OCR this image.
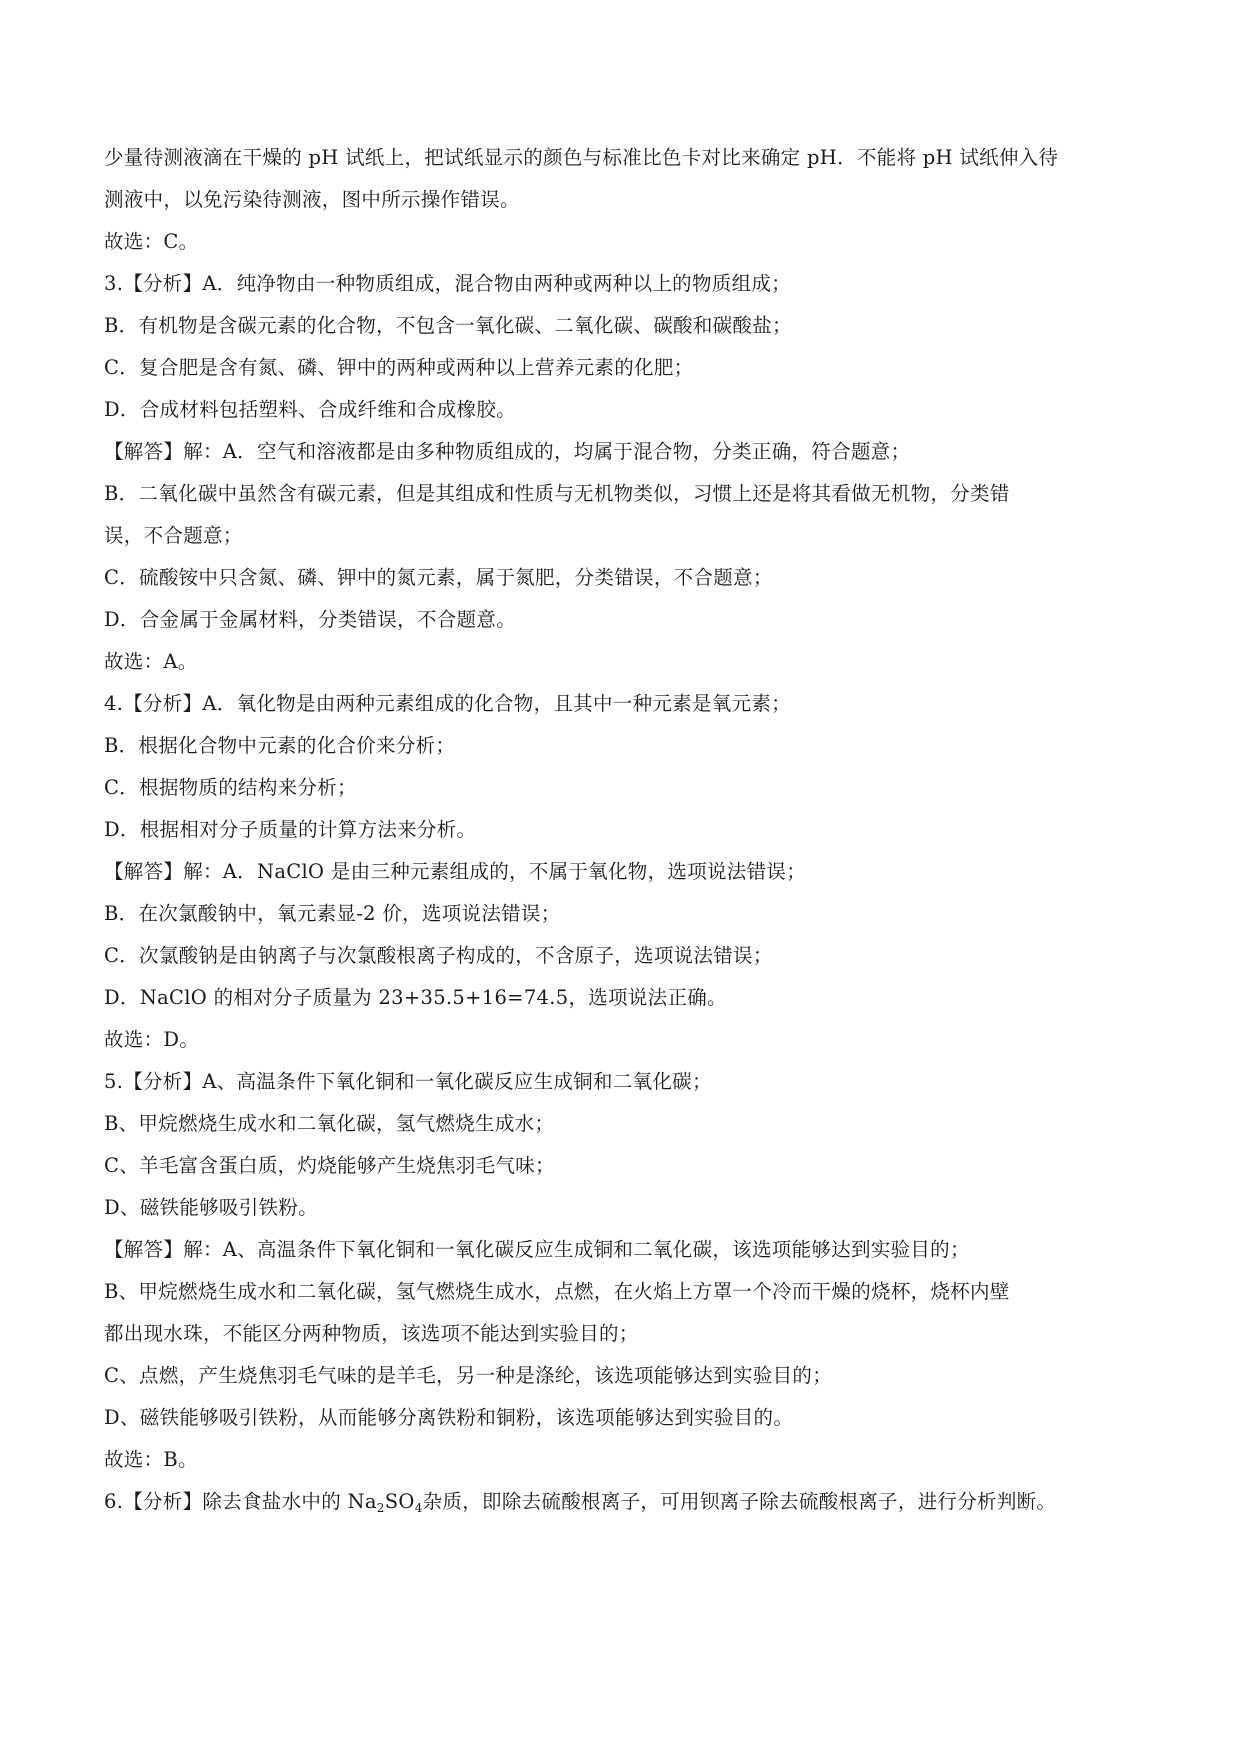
少量待测液滴在干燥的 pH 试纸上，把试纸显示的颜色与标准比色卡对比来确定 pH．不能将 pH 试纸伸入待
测液中，以免污染待测液，图中所示操作错误。
故选：C。
3.【分析】A．纯净物由一种物质组成，混合物由两种或两种以上的物质组成；
B．有机物是含碳元素的化合物，不包含一氧化碳、二氧化碳、碳酸和碳酸盐；
C．复合肥是含有氮、磷、钾中的两种或两种以上营养元素的化肥；
D．合成材料包括塑料、合成纤维和合成橡胶。
【解答】解：A．空气和溶液都是由多种物质组成的，均属于混合物，分类正确，符合题意；
B．二氧化碳中虽然含有碳元素，但是其组成和性质与无机物类似，习惯上还是将其看做无机物，分类错
误，不合题意；
C．硫酸铵中只含氮、磷、钾中的氮元素，属于氮肥，分类错误，不合题意；
D．合金属于金属材料，分类错误，不合题意。
故选：A。
4.【分析】A．氧化物是由两种元素组成的化合物，且其中一种元素是氧元素；
B．根据化合物中元素的化合价来分析；
C．根据物质的结构来分析；
D．根据相对分子质量的计算方法来分析。
【解答】解：A．NaClO 是由三种元素组成的，不属于氧化物，选项说法错误；
B．在次氯酸钠中，氧元素显-2 价，选项说法错误；
C．次氯酸钠是由钠离子与次氯酸根离子构成的，不含原子，选项说法错误；
D．NaClO 的相对分子质量为 23+35.5+16=74.5，选项说法正确。
故选：D。
5.【分析】A、高温条件下氧化铜和一氧化碳反应生成铜和二氧化碳；
B、甲烷燃烧生成水和二氧化碳，氢气燃烧生成水；
C、羊毛富含蛋白质，灼烧能够产生烧焦羽毛气味；
D、磁铁能够吸引铁粉。
【解答】解：A、高温条件下氧化铜和一氧化碳反应生成铜和二氧化碳，该选项能够达到实验目的；
B、甲烷燃烧生成水和二氧化碳，氢气燃烧生成水，点燃，在火焰上方罩一个冷而干燥的烧杯，烧杯内壁
都出现水珠，不能区分两种物质，该选项不能达到实验目的；
C、点燃，产生烧焦羽毛气味的是羊毛，另一种是涤纶，该选项能够达到实验目的；
D、磁铁能够吸引铁粉，从而能够分离铁粉和铜粉，该选项能够达到实验目的。
故选：B。
6.【分析】除去食盐水中的 $Na_2SO_4$杂质，即除去硫酸根离子，可用钡离子除去硫酸根离子，进行分析判断。
